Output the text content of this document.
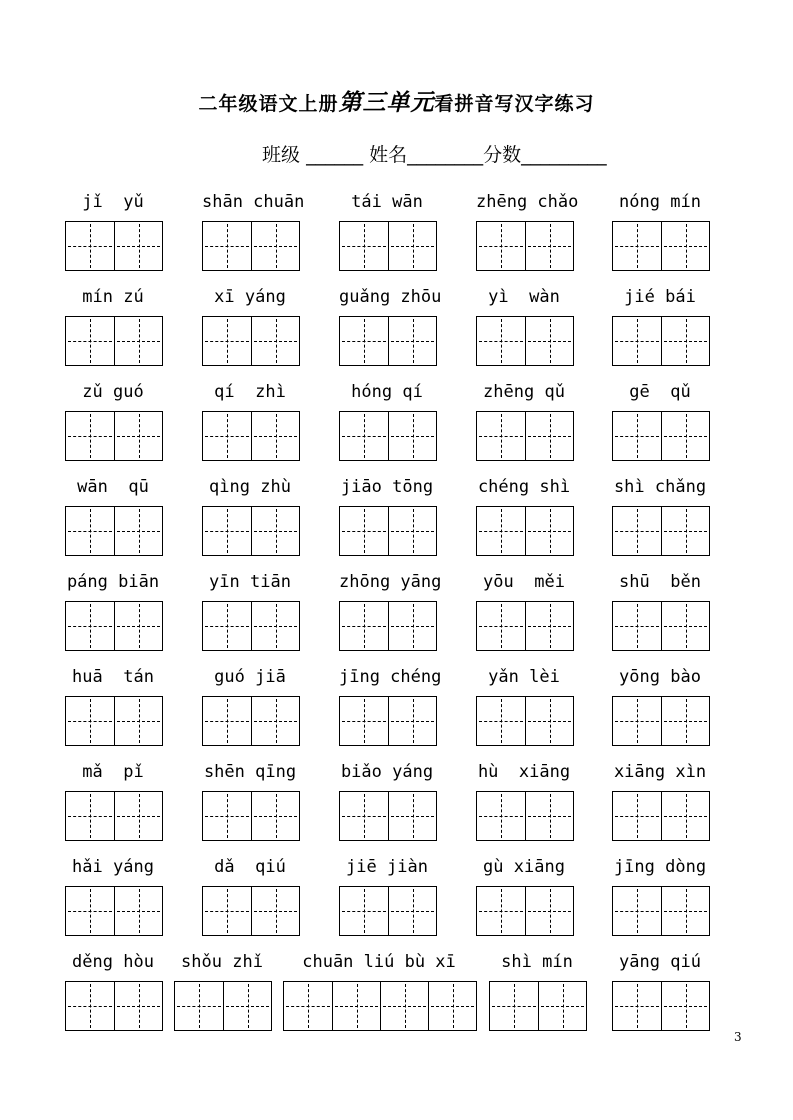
二年级语文上册第三单元看拼音写汉字练习
班级 ______ 姓名________分数_________
jǐ  yǔ	shān chuān	tái wān	zhēng chǎo	nóng mín
mín zú	xī yáng	guǎng zhōu	yì  wàn	jié bái
zǔ guó	qí  zhì	hóng qí	zhēng qǔ	gē  qǔ
wān  qū	qìng zhù	jiāo tōng	chéng shì	shì chǎng
páng biān	yīn tiān	zhōng yāng	yōu  měi	shū  běn
huā  tán	guó jiā	jīng chéng	yǎn lèi	yōng bào
mǎ  pǐ	shēn qīng	biǎo yáng	hù  xiāng	xiāng xìn
hǎi yáng	dǎ  qiú	jiē jiàn	gù xiāng	jīng dòng
děng hòu	shǒu zhǐ	chuān liú bù xī	shì mín	yāng qiú
3
